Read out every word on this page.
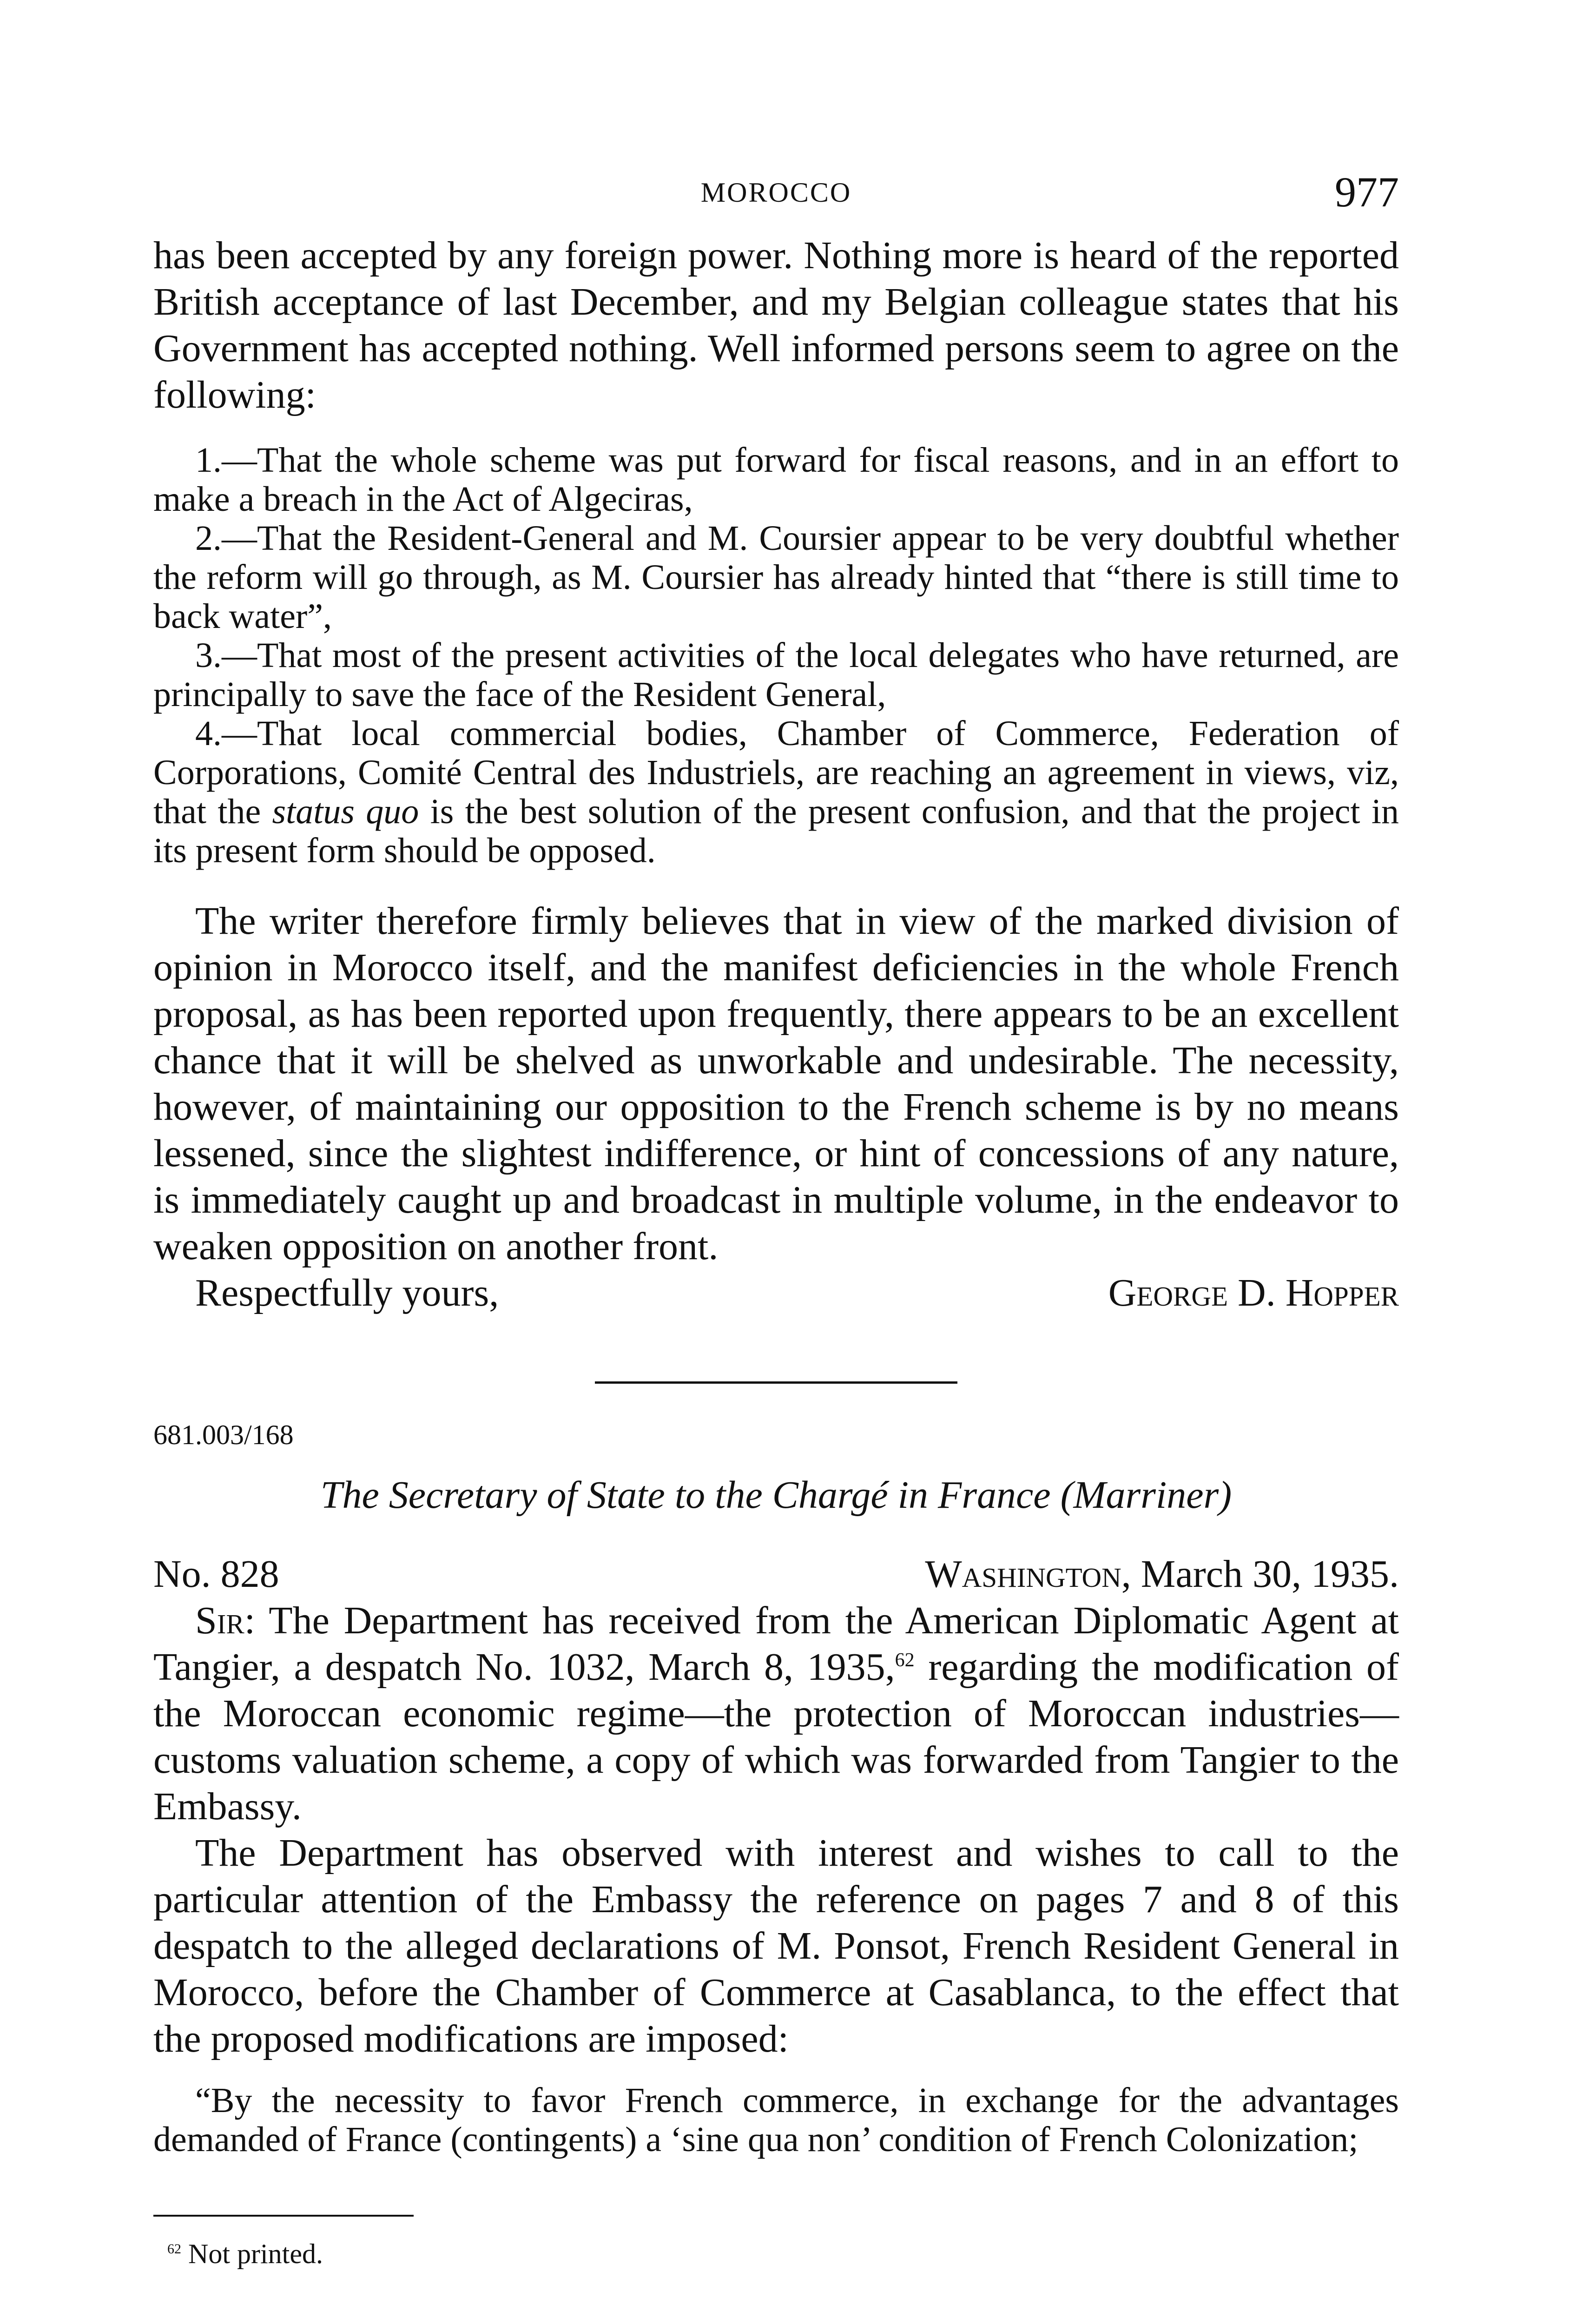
MOROCCO	977

has been accepted by any foreign power. Nothing more is heard of the reported British acceptance of last December, and my Belgian colleague states that his Government has accepted nothing. Well informed persons seem to agree on the following:

1.—That the whole scheme was put forward for fiscal reasons, and in an effort to make a breach in the Act of Algeciras,

2.—That the Resident-General and M. Coursier appear to be very doubtful whether the reform will go through, as M. Coursier has already hinted that “there is still time to back water”,

3.—That most of the present activities of the local delegates who have returned, are principally to save the face of the Resident General,

4.—That local commercial bodies, Chamber of Commerce, Federation of Corporations, Comité Central des Industriels, are reaching an agreement in views, viz, that the status quo is the best solution of the present confusion, and that the project in its present form should be opposed.

The writer therefore firmly believes that in view of the marked division of opinion in Morocco itself, and the manifest deficiencies in the whole French proposal, as has been reported upon frequently, there appears to be an excellent chance that it will be shelved as unworkable and undesirable. The necessity, however, of maintaining our opposition to the French scheme is by no means lessened, since the slightest indifference, or hint of concessions of any nature, is immediately caught up and broadcast in multiple volume, in the endeavor to weaken opposition on another front.

Respectfully yours,	George D. Hopper

681.003/168

The Secretary of State to the Chargé in France (Marriner)

No. 828	Washington, March 30, 1935.

Sir: The Department has received from the American Diplomatic Agent at Tangier, a despatch No. 1032, March 8, 1935,62 regarding the modification of the Moroccan economic regime—the protection of Moroccan industries—customs valuation scheme, a copy of which was forwarded from Tangier to the Embassy.

The Department has observed with interest and wishes to call to the particular attention of the Embassy the reference on pages 7 and 8 of this despatch to the alleged declarations of M. Ponsot, French Resident General in Morocco, before the Chamber of Commerce at Casablanca, to the effect that the proposed modifications are imposed:

“By the necessity to favor French commerce, in exchange for the advantages demanded of France (contingents) a ‘sine qua non’ condition of French Colonization;

$^{62}$ Not printed.
